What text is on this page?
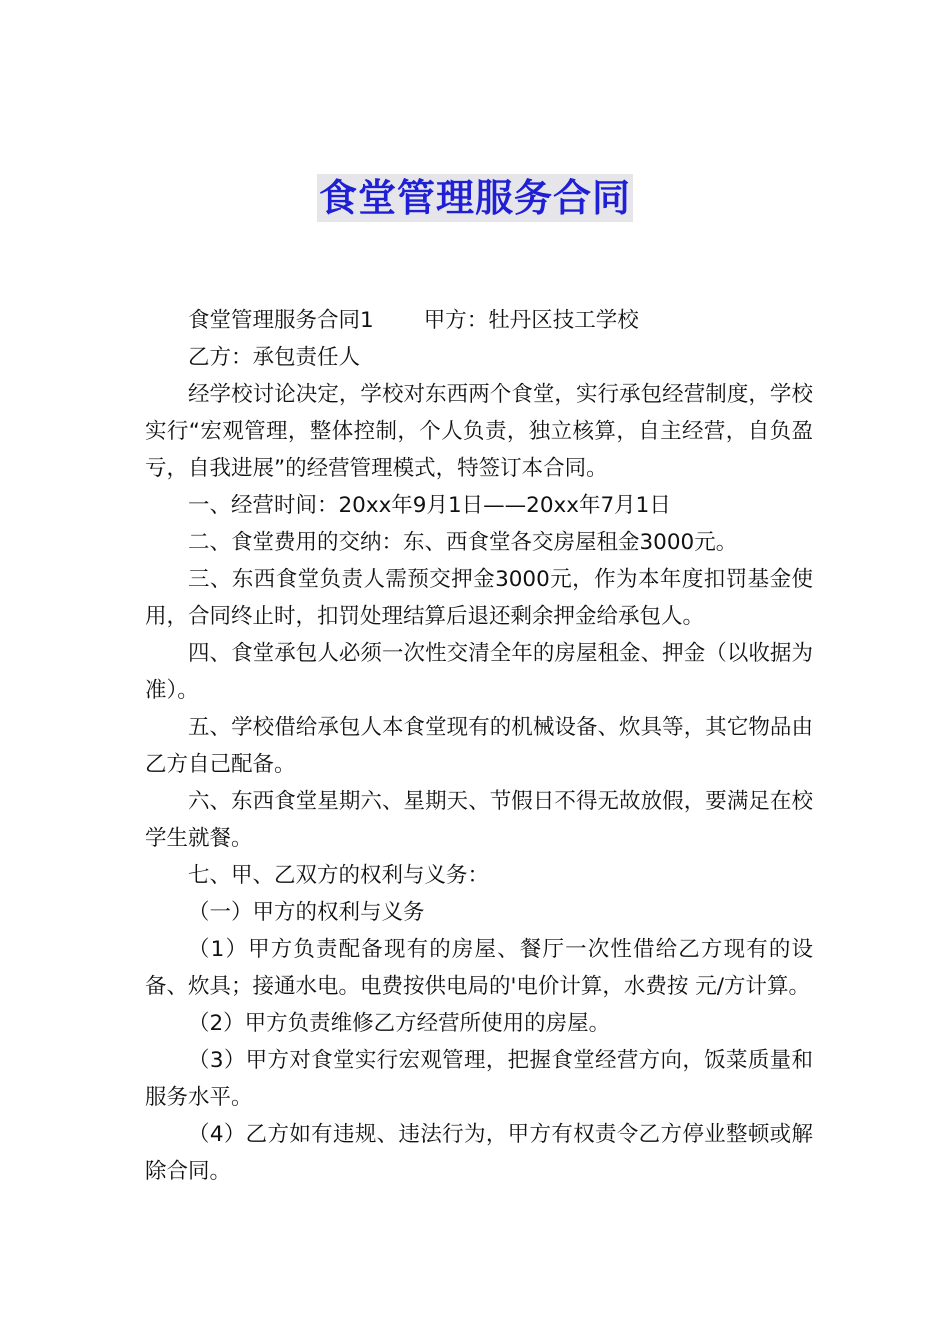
食堂管理服务合同

食堂管理服务合同1 甲方：牡丹区技工学校

乙方：承包责任人

经学校讨论决定，学校对东西两个食堂，实行承包经营制度，学校实行“宏观管理，整体控制，个人负责，独立核算，自主经营，自负盈亏，自我进展”的经营管理模式，特签订本合同。

一、经营时间：20xx年9月1日——20xx年7月1日

二、食堂费用的交纳：东、西食堂各交房屋租金3000元。

三、东西食堂负责人需预交押金3000元，作为本年度扣罚基金使用，合同终止时，扣罚处理结算后退还剩余押金给承包人。

四、食堂承包人必须一次性交清全年的房屋租金、押金（以收据为准）。

五、学校借给承包人本食堂现有的机械设备、炊具等，其它物品由乙方自己配备。

六、东西食堂星期六、星期天、节假日不得无故放假，要满足在校学生就餐。

七、甲、乙双方的权利与义务：

（一）甲方的权利与义务

（1）甲方负责配备现有的房屋、餐厅一次性借给乙方现有的设备、炊具；接通水电。电费按供电局的'电价计算，水费按 元/方计算。

（2）甲方负责维修乙方经营所使用的房屋。

（3）甲方对食堂实行宏观管理，把握食堂经营方向，饭菜质量和服务水平。

（4）乙方如有违规、违法行为，甲方有权责令乙方停业整顿或解除合同。
